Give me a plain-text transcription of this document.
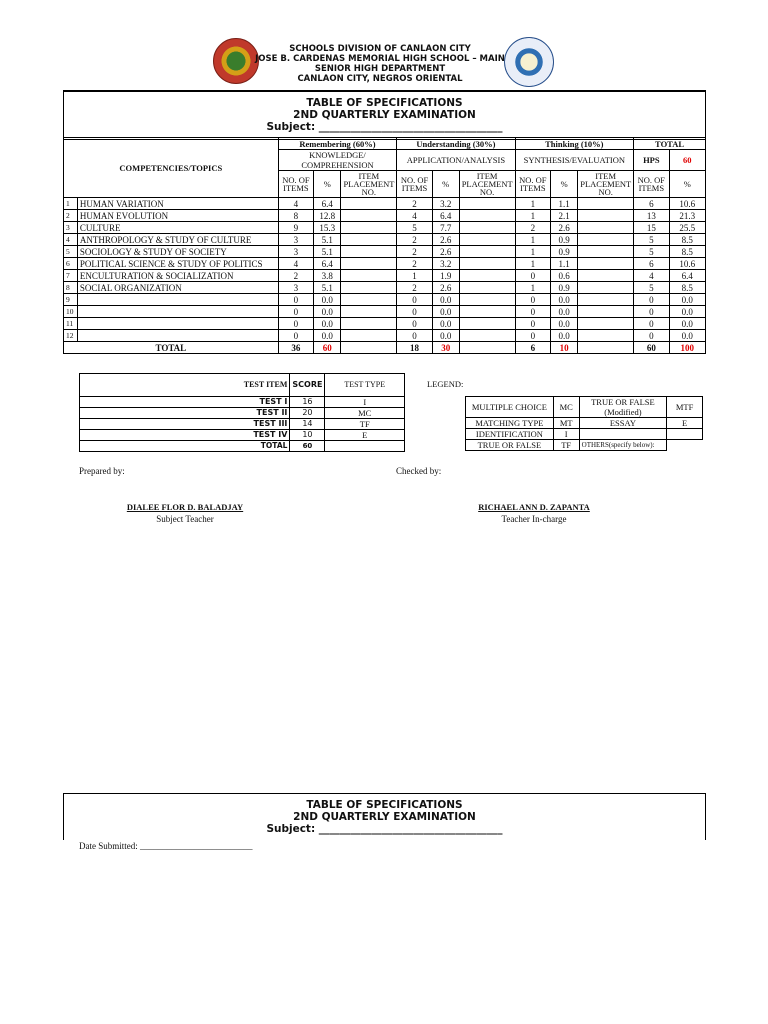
SCHOOLS DIVISION OF CANLAON CITY
JOSE B. CARDENAS MEMORIAL HIGH SCHOOL – MAIN
SENIOR HIGH DEPARTMENT
CANLAON CITY, NEGROS ORIENTAL
TABLE OF SPECIFICATIONS
2ND QUARTERLY EXAMINATION
Subject: ___________________________________
COMPETENCIES/TOPICS		Remembering (60%)			Understanding (30%)			Thinking (10%)			TOTAL	
		KNOWLEDGE/ COMPREHENSION			APPLICATION/ANALYSIS			SYNTHESIS/EVALUATION			HPS	60
		NO. OF ITEMS	%	ITEM PLACEMENT NO.	NO. OF ITEMS	%	ITEM PLACEMENT NO.	NO. OF ITEMS	%	ITEM PLACEMENT NO.	NO. OF ITEMS	%
1	HUMAN VARIATION	4	6.4		2	3.2		1	1.1		6	10.6
2	HUMAN EVOLUTION	8	12.8		4	6.4		1	2.1		13	21.3
3	CULTURE	9	15.3		5	7.7		2	2.6		15	25.5
4	ANTHROPOLOGY & STUDY OF CULTURE	3	5.1		2	2.6		1	0.9		5	8.5
5	SOCIOLOGY & STUDY OF SOCIETY	3	5.1		2	2.6		1	0.9		5	8.5
6	POLITICAL SCIENCE & STUDY OF POLITICS	4	6.4		2	3.2		1	1.1		6	10.6
7	ENCULTURATION & SOCIALIZATION	2	3.8		1	1.9		0	0.6		4	6.4
8	SOCIAL ORGANIZATION	3	5.1		2	2.6		1	0.9		5	8.5
9		0	0.0		0	0.0		0	0.0		0	0.0
10		0	0.0		0	0.0		0	0.0		0	0.0
11		0	0.0		0	0.0		0	0.0		0	0.0
12		0	0.0		0	0.0		0	0.0		0	0.0
TOTAL		36	60		18	30		6	10		60	100
TEST ITEM	SCORE	TEST TYPE
TEST I	16	I
TEST II	20	MC
TEST III	14	TF
TEST IV	10	E
TOTAL	60	
LEGEND:
MULTIPLE CHOICE	MC	TRUE OR FALSE (Modified)	MTF
MATCHING TYPE	MT	ESSAY	E
IDENTIFICATION	I		
TRUE OR FALSE	TF	OTHERS(specify below):	
Prepared by:	Checked by:
DIALEE FLOR D. BALADJAY
Subject Teacher
RICHAEL ANN D. ZAPANTA
Teacher In-charge
TABLE OF SPECIFICATIONS
2ND QUARTERLY EXAMINATION
Subject: ___________________________________
Date Submitted: _________________________
